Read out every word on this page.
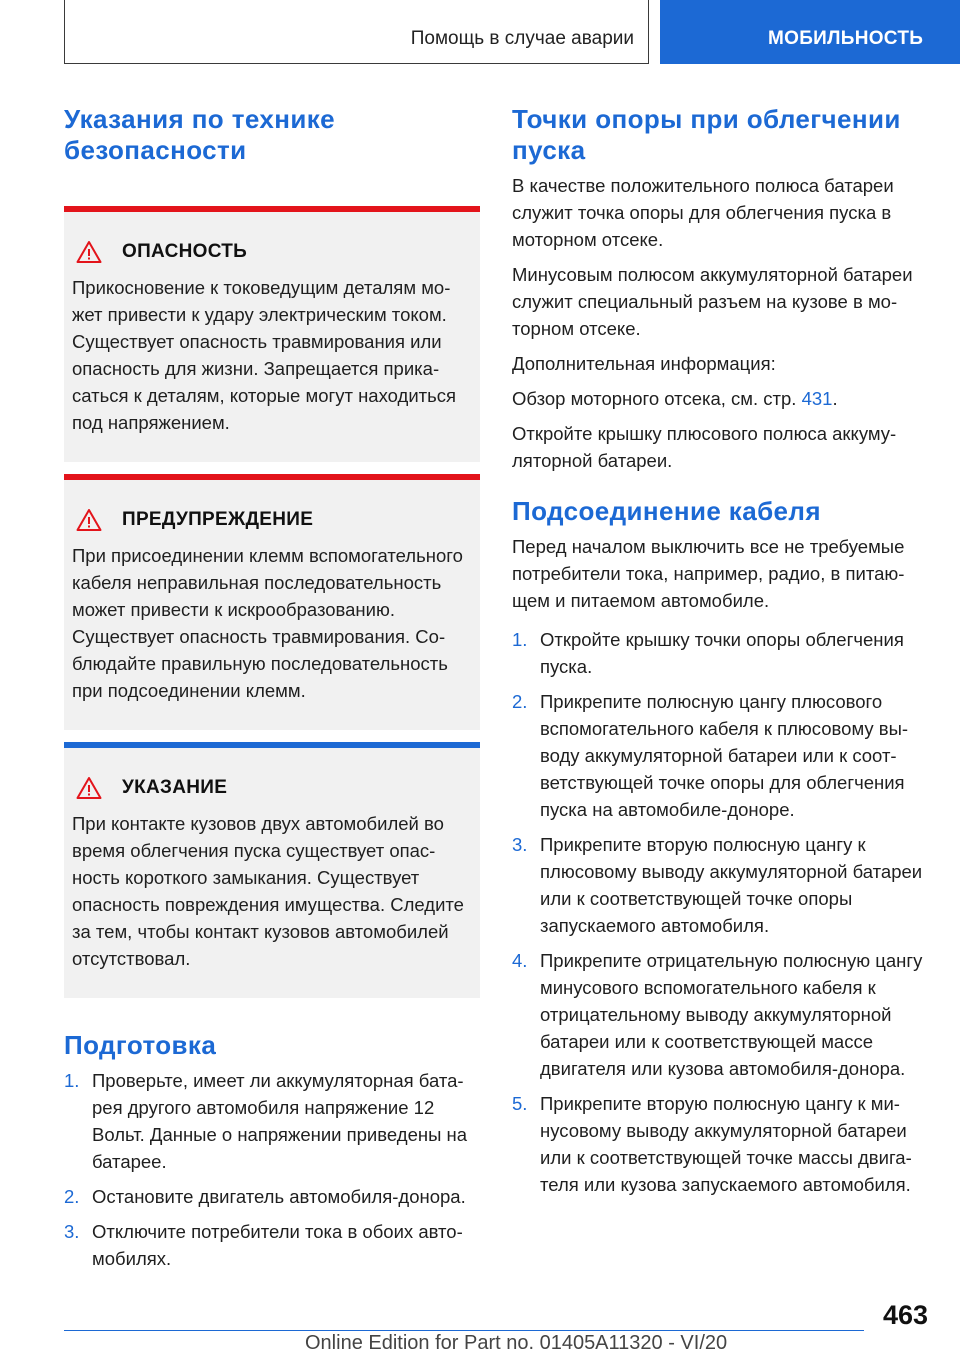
Помощь в случае аварии	МОБИЛЬНОСТЬ
Указания по технике безопасности
ОПАСНОСТЬ

Прикосновение к токоведущим деталям может привести к удару электрическим током. Существует опасность травмирования или опасность для жизни. Запрещается прикасаться к деталям, которые могут находиться под напряжением.

ПРЕДУПРЕЖДЕНИЕ

При присоединении клемм вспомогательного кабеля неправильная последовательность может привести к искрообразованию. Существует опасность травмирования. Соблюдайте правильную последовательность при подсоединении клемм.

УКАЗАНИЕ

При контакте кузовов двух автомобилей во время облегчения пуска существует опасность короткого замыкания. Существует опасность повреждения имущества. Следите за тем, чтобы контакт кузовов автомобилей отсутствовал.

Подготовка
1. Проверьте, имеет ли аккумуляторная батарея другого автомобиля напряжение 12 Вольт. Данные о напряжении приведены на батарее.
2. Остановите двигатель автомобиля-донора.
3. Отключите потребители тока в обоих автомобилях.
Точки опоры при облегчении пуска

В качестве положительного полюса батареи служит точка опоры для облегчения пуска в моторном отсеке.

Минусовым полюсом аккумуляторной батареи служит специальный разъем на кузове в моторном отсеке.

Дополнительная информация:

Обзор моторного отсека, см. стр. 431.

Откройте крышку плюсового полюса аккумуляторной батареи.

Подсоединение кабеля

Перед началом выключить все не требуемые потребители тока, например, радио, в питающем и питаемом автомобиле.

1. Откройте крышку точки опоры облегчения пуска.
2. Прикрепите полюсную цангу плюсового вспомогательного кабеля к плюсовому выводу аккумуляторной батареи или к соответствующей точке опоры для облегчения пуска на автомобиле-доноре.
3. Прикрепите вторую полюсную цангу к плюсовому выводу аккумуляторной батареи или к соответствующей точке опоры запускаемого автомобиля.
4. Прикрепите отрицательную полюсную цангу минусового вспомогательного кабеля к отрицательному выводу аккумуляторной батареи или к соответствующей массе двигателя или кузова автомобиля-донора.
5. Прикрепите вторую полюсную цангу к минусовому выводу аккумуляторной батареи или к соответствующей точке массы двигателя или кузова запускаемого автомобиля.
463
Online Edition for Part no. 01405A11320 - VI/20
